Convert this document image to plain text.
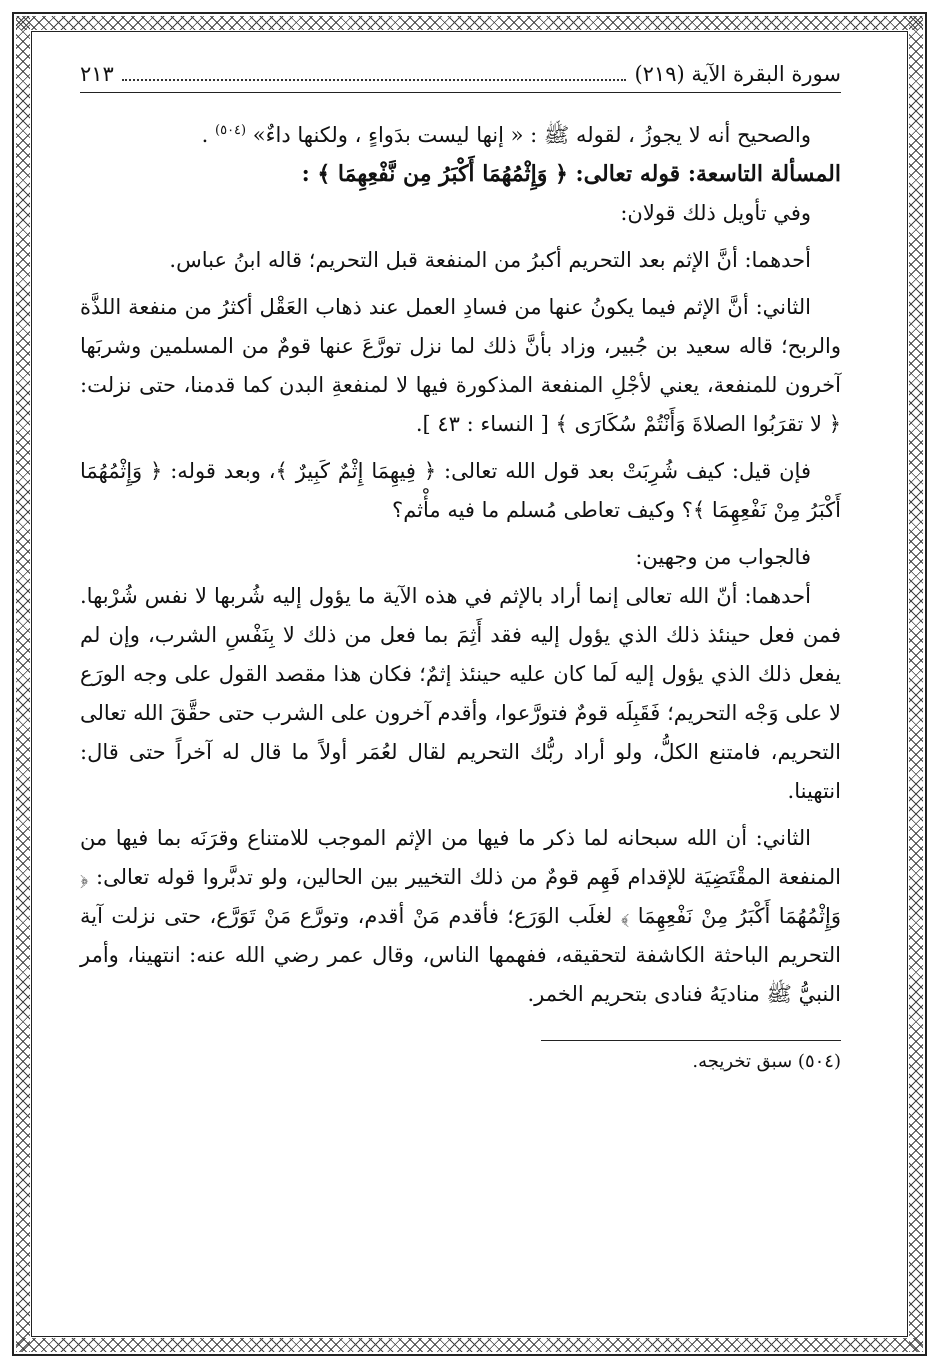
سورة البقرة الآية (٢١٩)
٢١٣

والصحيح أنه لا يجوزُ ، لقوله ﷺ : « إنها ليست بدَواءٍ ، ولكنها داءٌ» $^{(٥٠٤)}$ .

المسألة التاسعة: قوله تعالى: ﴿ وَإِثْمُهُمَا أَكْبَرُ مِن نَّفْعِهِمَا ﴾ :

وفي تأويل ذلك قولان:

أحدهما: أنَّ الإثم بعد التحريم أكبرُ من المنفعة قبل التحريم؛ قاله ابنُ عباس.

الثاني: أنَّ الإثم فيما يكونُ عنها من فسادِ العمل عند ذهاب العَقْل أكثرُ من منفعة اللذَّة والربح؛ قاله سعيد بن جُبير، وزاد بأنَّ ذلك لما نزل تورَّعَ عنها قومٌ من المسلمين وشربَها آخرون للمنفعة، يعني لأجْلِ المنفعة المذكورة فيها لا لمنفعةِ البدن كما قدمنا، حتى نزلت: ﴿ لا تقرَبُوا الصلاةَ وَأَنْتُمْ سُكَارَى ﴾ [ النساء : ٤٣ ].

فإن قيل: كيف شُرِبَتْ بعد قول الله تعالى: ﴿ فِيهِمَا إِثْمٌ كَبِيرٌ ﴾، وبعد قوله: ﴿ وَإِثْمُهُمَا أَكْبَرُ مِنْ نَفْعِهِمَا ﴾؟ وكيف تعاطى مُسلم ما فيه مأْثم؟

فالجواب من وجهين:

أحدهما: أنّ الله تعالى إنما أراد بالإثم في هذه الآية ما يؤول إليه شُربها لا نفس شُرْبها. فمن فعل حينئذ ذلك الذي يؤول إليه فقد أَثِمَ بما فعل من ذلك لا بِنَفْسِ الشرب، وإن لم يفعل ذلك الذي يؤول إليه لَما كان عليه حينئذ إثمٌ؛ فكان هذا مقصد القول على وجه الورَع لا على وَجْه التحريم؛ فَقَبِلَه قومٌ فتورَّعوا، وأقدم آخرون على الشرب حتى حقَّقَ الله تعالى التحريم، فامتنع الكلُّ، ولو أراد ربُّك التحريم لقال لعُمَر أولاً ما قال له آخراً حتى قال: انتهينا.

الثاني: أن الله سبحانه لما ذكر ما فيها من الإثم الموجب للامتناع وقرَنَه بما فيها من المنفعة المقْتَضِيَة للإقدام فَهِم قومٌ من ذلك التخيير بين الحالين، ولو تدبَّروا قوله تعالى: ﴿ وَإِثْمُهُمَا أَكْبَرُ مِنْ نَفْعِهِمَا ﴾ لغلَب الوَرَع؛ فأقدم مَنْ أقدم، وتورَّع مَنْ تَوَرَّع، حتى نزلت آية التحريم الباحثة الكاشفة لتحقيقه، ففهمها الناس، وقال عمر رضي الله عنه: انتهينا، وأمر النبيُّ ﷺ مناديَهُ فنادى بتحريم الخمر.

(٥٠٤) سبق تخريجه.
